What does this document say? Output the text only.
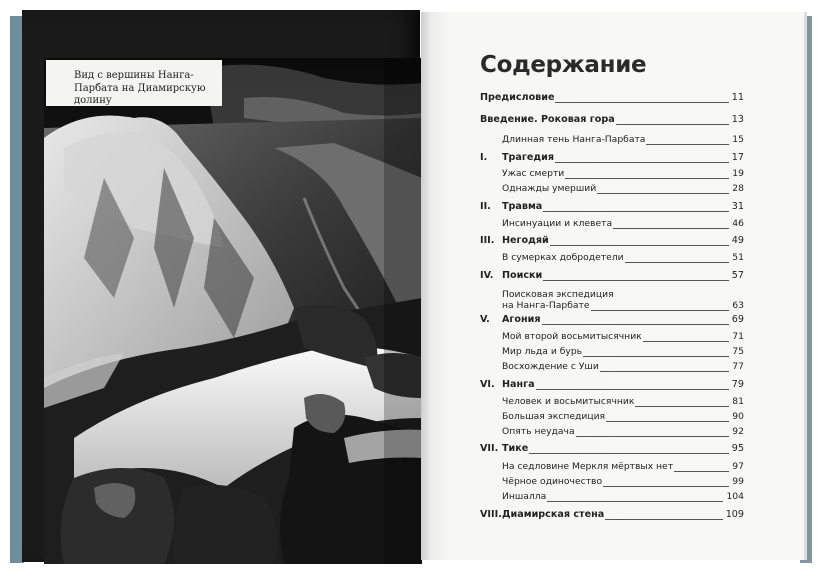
Вид с вершины Нанга-
Парбата на Диамирскую
долину
Содержание
Предисловие	11
Введение. Роковая гора	13
Длинная тень Нанга-Парбата	15
I. Трагедия	17
Ужас смерти	19
Однажды умерший	28
II. Травма	31
Инсинуации и клевета	46
III. Негодяй	49
В сумерках добродетели	51
IV. Поиски	57
Поисковая экспедиция
на Нанга-Парбате	63
V. Агония	69
Мой второй восьмитысячник	71
Мир льда и бурь	75
Восхождение с Уши	77
VI. Нанга	79
Человек и восьмитысячник	81
Большая экспедиция	90
Опять неудача	92
VII. Тике	95
На седловине Меркля мёртвых нет	97
Чёрное одиночество	99
Иншалла	104
VIII. Диамирская стена	109
